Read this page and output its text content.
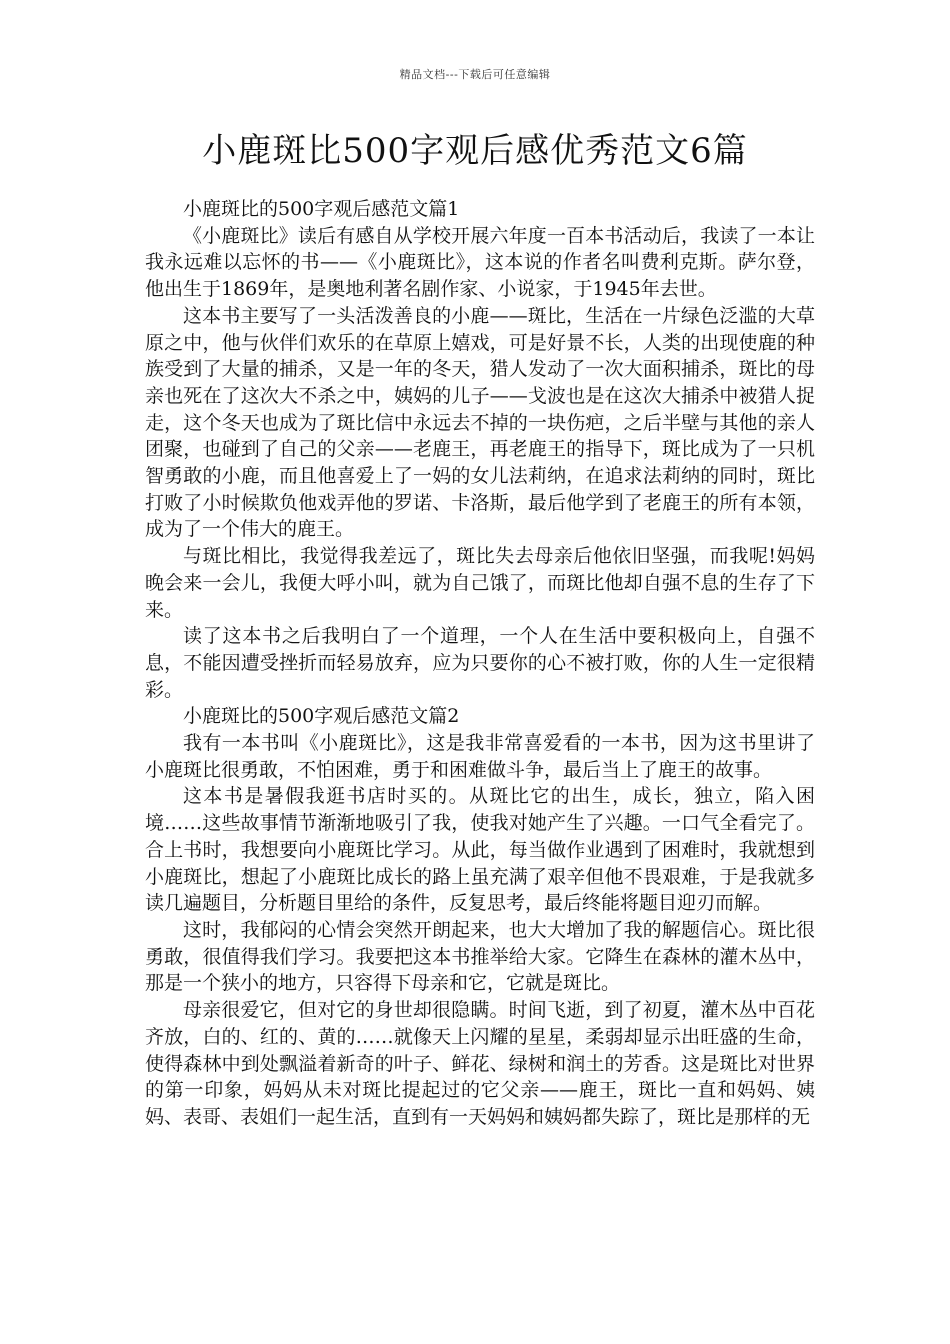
精品文档---下载后可任意编辑
小鹿斑比500字观后感优秀范文6篇

小鹿斑比的500字观后感范文篇1

《小鹿斑比》读后有感自从学校开展六年度一百本书活动后，我读了一本让我永远难以忘怀的书——《小鹿斑比》，这本说的作者名叫费利克斯。萨尔登，他出生于1869年，是奥地利著名剧作家、小说家，于1945年去世。

这本书主要写了一头活泼善良的小鹿——斑比，生活在一片绿色泛滥的大草原之中，他与伙伴们欢乐的在草原上嬉戏，可是好景不长，人类的出现使鹿的种族受到了大量的捕杀，又是一年的冬天，猎人发动了一次大面积捕杀，斑比的母亲也死在了这次大不杀之中，姨妈的儿子——戈波也是在这次大捕杀中被猎人捉走，这个冬天也成为了斑比信中永远去不掉的一块伤疤，之后半壁与其他的亲人团聚，也碰到了自己的父亲——老鹿王，再老鹿王的指导下，斑比成为了一只机智勇敢的小鹿，而且他喜爱上了一妈的女儿法莉纳，在追求法莉纳的同时，斑比打败了小时候欺负他戏弄他的罗诺、卡洛斯，最后他学到了老鹿王的所有本领，成为了一个伟大的鹿王。

与斑比相比，我觉得我差远了，斑比失去母亲后他依旧坚强，而我呢!妈妈晚会来一会儿，我便大呼小叫，就为自己饿了，而斑比他却自强不息的生存了下来。

读了这本书之后我明白了一个道理，一个人在生活中要积极向上，自强不息，不能因遭受挫折而轻易放弃，应为只要你的心不被打败，你的人生一定很精彩。

小鹿斑比的500字观后感范文篇2

我有一本书叫《小鹿斑比》，这是我非常喜爱看的一本书，因为这书里讲了小鹿斑比很勇敢，不怕困难，勇于和困难做斗争，最后当上了鹿王的故事。

这本书是暑假我逛书店时买的。从斑比它的出生，成长，独立，陷入困境……这些故事情节渐渐地吸引了我，使我对她产生了兴趣。一口气全看完了。合上书时，我想要向小鹿斑比学习。从此，每当做作业遇到了困难时，我就想到小鹿斑比，想起了小鹿斑比成长的路上虽充满了艰辛但他不畏艰难，于是我就多读几遍题目，分析题目里给的条件，反复思考，最后终能将题目迎刃而解。

这时，我郁闷的心情会突然开朗起来，也大大增加了我的解题信心。斑比很勇敢，很值得我们学习。我要把这本书推举给大家。它降生在森林的灌木丛中，那是一个狭小的地方，只容得下母亲和它，它就是斑比。

母亲很爱它，但对它的身世却很隐瞒。时间飞逝，到了初夏，灌木丛中百花齐放，白的、红的、黄的……就像天上闪耀的星星，柔弱却显示出旺盛的生命，使得森林中到处飘溢着新奇的叶子、鲜花、绿树和润土的芳香。这是斑比对世界的第一印象，妈妈从未对斑比提起过的它父亲——鹿王，斑比一直和妈妈、姨妈、表哥、表姐们一起生活，直到有一天妈妈和姨妈都失踪了，斑比是那样的无
